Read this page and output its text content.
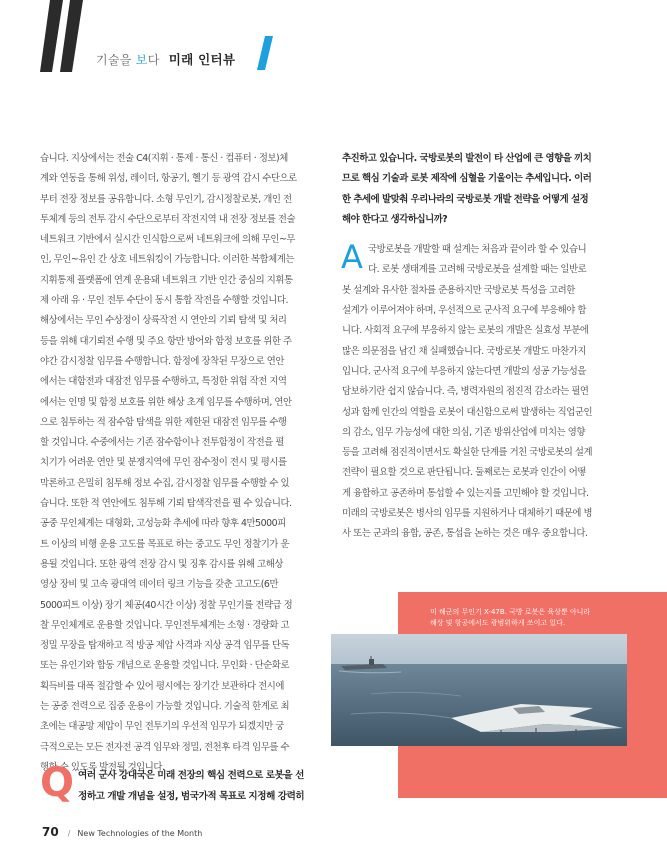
기술을 보다 미래 인터뷰

습니다. 지상에서는 전술 C4(지휘 · 통제 · 통신 · 컴퓨터 · 정보)체

계와 연동을 통해 위성, 레이더, 항공기, 헬기 등 광역 감시 수단으로

부터 전장 정보를 공유합니다. 소형 무인기, 감시정찰로봇, 개인 전

투체계 등의 전투 감시 수단으로부터 작전지역 내 전장 정보를 전술

네트워크 기반에서 실시간 인식함으로써 네트워크에 의해 무인~무

인, 무인~유인 간 상호 네트워킹이 가능합니다. 이러한 복합체계는

지휘통제 플랫폼에 연계 운용돼 네트워크 기반 인간 중심의 지휘통

제 아래 유 · 무인 전투 수단이 동시 통합 작전을 수행할 것입니다.

해상에서는 무인 수상정이 상륙작전 시 연안의 기뢰 탐색 및 처리

등을 위해 대기뢰전 수행 및 주요 항만 방어와 함정 보호를 위한 주

야간 감시정찰 임무를 수행합니다. 함정에 장착된 무장으로 연안

에서는 대함전과 대잠전 임무를 수행하고, 특정한 위험 작전 지역

에서는 인명 및 함정 보호를 위한 해상 초계 임무를 수행하며, 연안

으로 침투하는 적 잠수함 탐색을 위한 제한된 대잠전 임무를 수행

할 것입니다. 수중에서는 기존 잠수함이나 전투함정이 작전을 펼

치기가 어려운 연안 및 분쟁지역에 무인 잠수정이 전시 및 평시를

막론하고 은밀히 침투해 정보 수집, 감시정찰 임무를 수행할 수 있

습니다. 또한 적 연안에도 침투해 기뢰 탐색작전을 펼 수 있습니다.

공중 무인체계는 대형화, 고성능화 추세에 따라 향후 4만5000피

트 이상의 비행 운용 고도를 목표로 하는 중고도 무인 정찰기가 운

용될 것입니다. 또한 광역 전장 감시 및 징후 감시를 위해 고해상

영상 장비 및 고속 광대역 데이터 링크 기능을 갖춘 고고도(6만

5000피트 이상) 장기 체공(40시간 이상) 정찰 무인기를 전략급 정

찰 무인체계로 운용할 것입니다. 무인전투체계는 소형 · 경량화 고

정밀 무장을 탑재하고 적 방공 제압 사격과 지상 공격 임무를 단독

또는 유인기와 합동 개념으로 운용할 것입니다. 무인화 · 단순화로

획득비를 대폭 절감할 수 있어 평시에는 장기간 보관하다 전시에

는 공중 전력으로 집중 운용이 가능할 것입니다. 기술적 한계로 최

초에는 대공망 제압이 무인 전투기의 우선적 임무가 되겠지만 궁

극적으로는 모든 전자전 공격 임무와 정밀, 전천후 타격 임무를 수

행할 수 있도록 발전될 것입니다.

추진하고 있습니다. 국방로봇의 발전이 타 산업에 큰 영향을 끼치

므로 핵심 기술과 로봇 제작에 심혈을 기울이는 추세입니다. 이러

한 추세에 발맞춰 우리나라의 국방로봇 개발 전략을 어떻게 설정

해야 한다고 생각하십니까?

국방로봇을 개발할 때 설계는 처음과 끝이라 할 수 있습니

다. 로봇 생태계를 고려해 국방로봇을 설계할 때는 일반로

봇 설계와 유사한 절차를 준용하지만 국방로봇 특성을 고려한

설계가 이루어져야 하며, 우선적으로 군사적 요구에 부응해야 합

니다. 사회적 요구에 부응하지 않는 로봇의 개발은 실효성 부분에

많은 의문점을 남긴 채 실패했습니다. 국방로봇 개발도 마찬가지

입니다. 군사적 요구에 부응하지 않는다면 개발의 성공 가능성을

담보하기란 쉽지 않습니다. 즉, 병력자원의 점진적 감소라는 필연

성과 함께 인간의 역할을 로봇이 대신함으로써 발생하는 직업군인

의 감소, 임무 가능성에 대한 의심, 기존 방위산업에 미치는 영향

등을 고려해 점진적이면서도 확실한 단계를 거친 국방로봇의 설계

전략이 필요할 것으로 판단됩니다. 둘째로는 로봇과 인간이 어떻

게 융합하고 공존하며 통섭할 수 있는지를 고민해야 할 것입니다.

미래의 국방로봇은 병사의 임무를 지원하거나 대체하기 때문에 병

사 또는 군과의 융합, 공존, 통섭을 논하는 것은 매우 중요합니다.

A

미 해군의 무인기 X-47B. 국방 로봇은 육상뿐 아니라

해상 및 항공에서도 광범위하게 쓰이고 있다.

Q 여러 군사 강대국은 미래 전장의 핵심 전력으로 로봇을 선

정하고 개발 개념을 설정, 범국가적 목표로 지정해 강력히

70 / New Technologies of the Month
